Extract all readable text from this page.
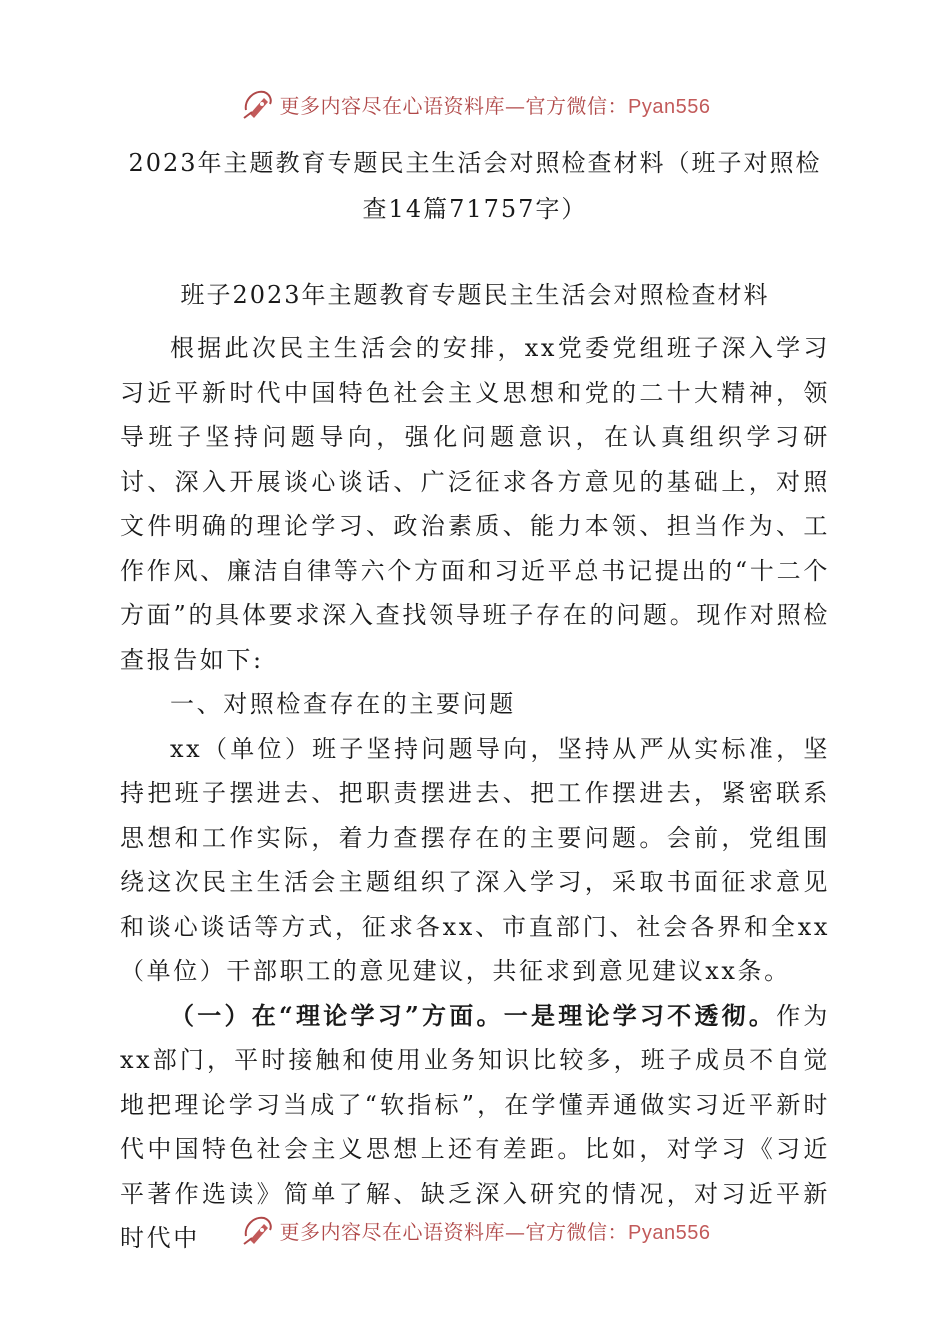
更多内容尽在心语资料库—官方微信：Pyan556
2023年主题教育专题民主生活会对照检查材料（班子对照检查14篇71757字）
班子2023年主题教育专题民主生活会对照检查材料

根据此次民主生活会的安排，xx党委党组班子深入学习习近平新时代中国特色社会主义思想和党的二十大精神，领导班子坚持问题导向，强化问题意识，在认真组织学习研讨、深入开展谈心谈话、广泛征求各方意见的基础上，对照文件明确的理论学习、政治素质、能力本领、担当作为、工作作风、廉洁自律等六个方面和习近平总书记提出的“十二个方面”的具体要求深入查找领导班子存在的问题。现作对照检查报告如下:

一、对照检查存在的主要问题

xx（单位）班子坚持问题导向，坚持从严从实标准，坚持把班子摆进去、把职责摆进去、把工作摆进去，紧密联系思想和工作实际，着力查摆存在的主要问题。会前，党组围绕这次民主生活会主题组织了深入学习，采取书面征求意见和谈心谈话等方式，征求各xx、市直部门、社会各界和全xx（单位）干部职工的意见建议，共征求到意见建议xx条。

（一）在“理论学习”方面。一是理论学习不透彻。作为xx部门，平时接触和使用业务知识比较多，班子成员不自觉地把理论学习当成了“软指标”，在学懂弄通做实习近平新时代中国特色社会主义思想上还有差距。比如，对学习《习近平著作选读》简单了解、缺乏深入研究的情况，对习近平新时代中	更多内容尽在心语资料库—官方微信：Pyan556
